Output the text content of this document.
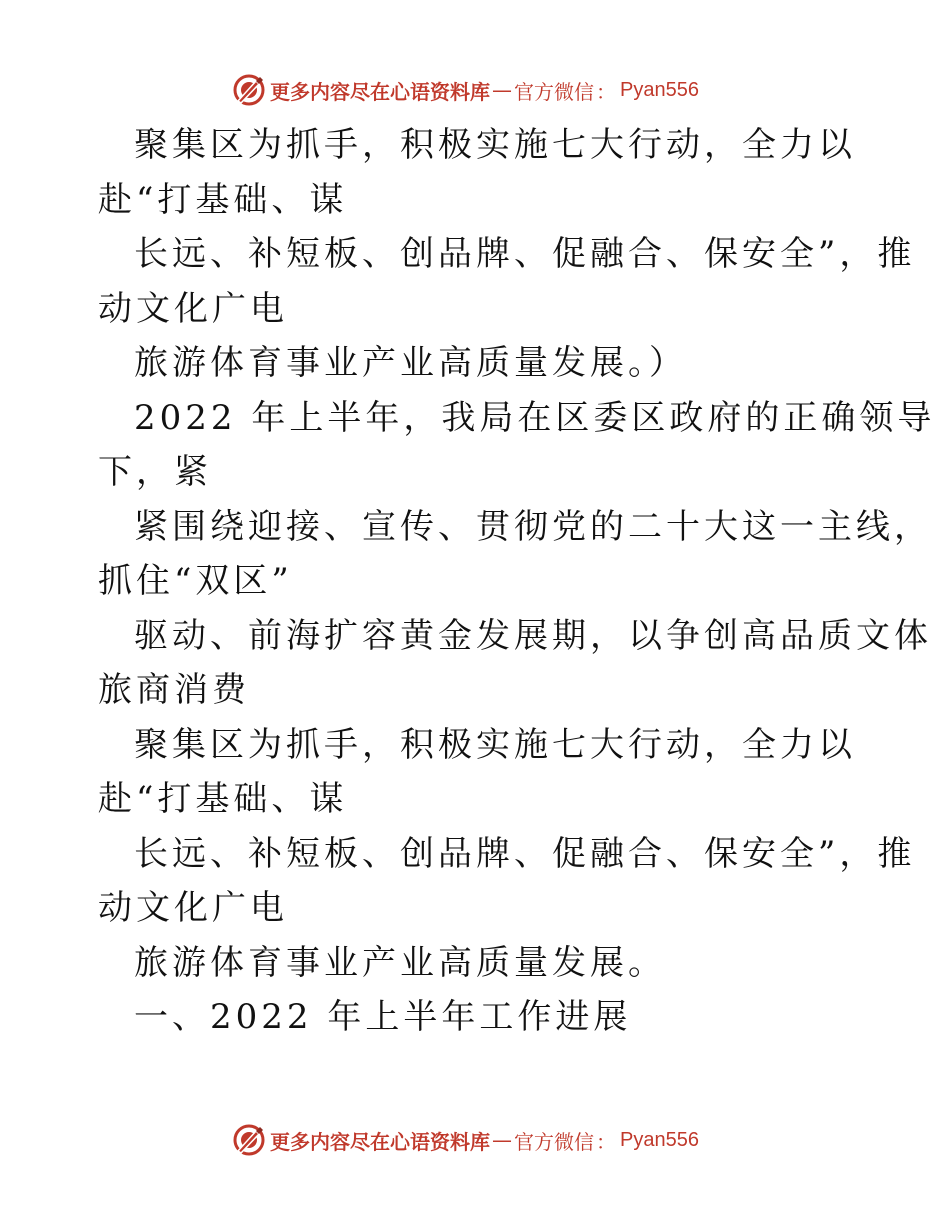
更多内容尽在心语资料库 — 官方微信 ： Pyan556
聚集区为抓手，积极实施七大行动，全力以
赴“打基础、谋
长远、补短板、创品牌、促融合、保安全”，推
动文化广电
旅游体育事业产业高质量发展。）
2022 年上半年，我局在区委区政府的正确领导
下，紧
紧围绕迎接、宣传、贯彻党的二十大这一主线，
抓住“双区”
驱动、前海扩容黄金发展期，以争创高品质文体
旅商消费
聚集区为抓手，积极实施七大行动，全力以
赴“打基础、谋
长远、补短板、创品牌、促融合、保安全”，推
动文化广电
旅游体育事业产业高质量发展。
一、2022 年上半年工作进展
更多内容尽在心语资料库 — 官方微信 ： Pyan556
